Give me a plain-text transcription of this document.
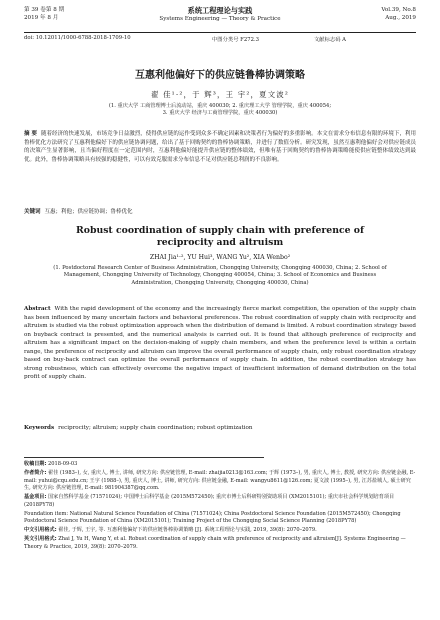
第 39 卷第 8 期
2019 年 8 月
系统工程理论与实践
Systems Engineering — Theory & Practice
Vol.39, No.8
Aug., 2019
doi: 10.12011/1000-6788-2018-1709-10	中图分类号 F272.3	文献标志码 A
互惠利他偏好下的供应链鲁棒协调策略
翟 佳¹·²，于 辉³，王 宇²，夏文波²
(1. 重庆大学 工商管理博士后流动站，重庆 400030; 2. 重庆理工大学 管理学院，重庆 400054;
3. 重庆大学 经济与工商管理学院，重庆 400030)
摘 要 随着经济的快速发展，市场竞争日益激烈，使得供应链的运作受到众多不确定因素和决策者行为偏好的多重影响。本文在需求分布信息有限的环境下，利用鲁棒优化方法研究了互惠利他偏好下的供应链协调问题，给出了基于回购契约的鲁棒协调策略，并进行了数值分析。研究发现，虽然互惠利他偏好会对供应链成员的决策产生显著影响，且当偏好程度在一定范围内时，互惠利他偏好能提升供应链的整体绩效，但唯有基于回购契约的鲁棒协调策略能使供应链整体绩效达到最优。此外，鲁棒协调策略具有较强的稳健性，可以有效克服需求分布信息不足对供应链总利润的不良影响。
关键词 互惠；利他；供应链协调；鲁棒优化
Robust coordination of supply chain with preference of
reciprocity and altruism
ZHAI Jia¹·², YU Hui³, WANG Yu², XIA Wenbo²
(1. Postdoctoral Research Center of Business Administration, Chongqing University, Chongqing 400030, China; 2. School of
Management, Chongqing University of Technology, Chongqing 400054, China; 3. School of Economics and Business
Administration, Chongqing University, Chongqing 400030, China)
Abstract With the rapid development of the economy and the increasingly fierce market competition, the operation of the supply chain has been influenced by many uncertain factors and behavioral preferences. The robust coordination of supply chain with reciprocity and altruism is studied via the robust optimization approach when the distribution of demand is limited. A robust coordination strategy based on buyback contract is presented, and the numerical analysis is carried out. It is found that although preference of reciprocity and altruism has a significant impact on the decision-making of supply chain members, and when the preference level is within a certain range, the preference of reciprocity and altruism can improve the overall performance of supply chain, only robust coordination strategy based on buy-back contract can optimize the overall performance of supply chain. In addition, the robust coordination strategy has strong robustness, which can effectively overcome the negative impact of insufficient information of demand distribution on the total profit of supply chain.
Keywords reciprocity; altruism; supply chain coordination; robust optimization
收稿日期: 2018-09-03
作者简介: 翟佳 (1983–), 女, 重庆人, 博士, 讲师, 研究方向: 供应链管理, E-mail: zhaijia0213@163.com; 于辉 (1973–), 男, 重庆人, 博士, 教授, 研究方向: 供应链金融, E-mail: yuhui@cqu.edu.cn; 王宇 (1988–), 男, 重庆人, 博士, 讲师, 研究方向: 供应链金融, E-mail: wangyu8611@126.com; 夏文波 (1995–), 男, 江苏盐城人, 硕士研究生, 研究方向: 供应链管理, E-mail: 981904387@qq.com.
基金项目: 国家自然科学基金 (71571024); 中国博士后科学基金 (2015M572450); 重庆市博士后科研特别资助项目 (XM2015101); 重庆市社会科学规划培育项目 (2018PY78)
Foundation item: National Natural Science Foundation of China (71571024); China Postdoctoral Science Foundation (2015M572450); Chongqing Postdoctoral Science Foundation of China (XM2015101); Training Project of the Chongqing Social Science Planning (2018PY78)
中文引用格式: 翟佳, 于辉, 王宇, 等. 互惠利他偏好下的供应链鲁棒协调策略 [J]. 系统工程理论与实践, 2019, 39(8): 2070–2079.
英文引用格式: Zhai J, Yu H, Wang Y, et al. Robust coordination of supply chain with preference of reciprocity and altruism[J]. Systems Engineering — Theory & Practice, 2019, 39(8): 2070–2079.
